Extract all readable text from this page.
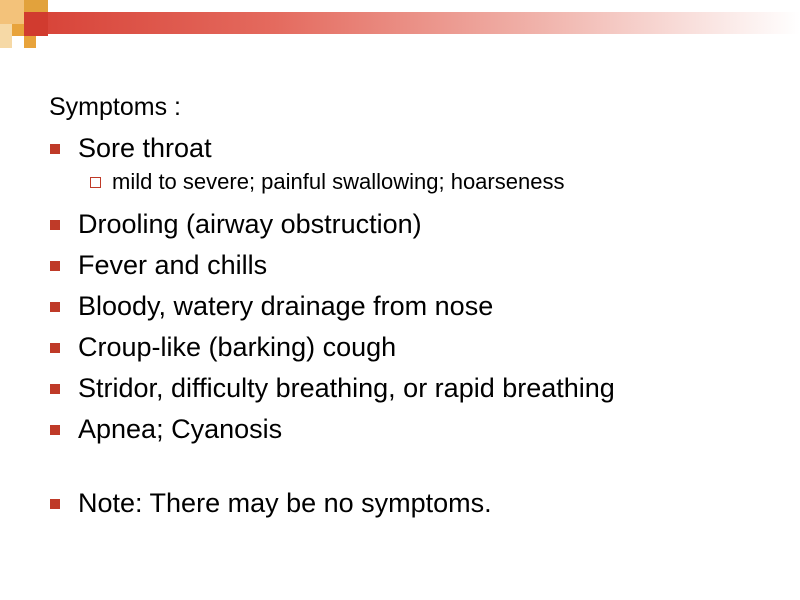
Symptoms :
Sore throat
mild to severe; painful swallowing; hoarseness
Drooling (airway obstruction)
Fever and chills
Bloody, watery drainage from nose
Croup-like (barking) cough
Stridor, difficulty breathing, or rapid breathing
Apnea; Cyanosis
Note: There may be no symptoms.
